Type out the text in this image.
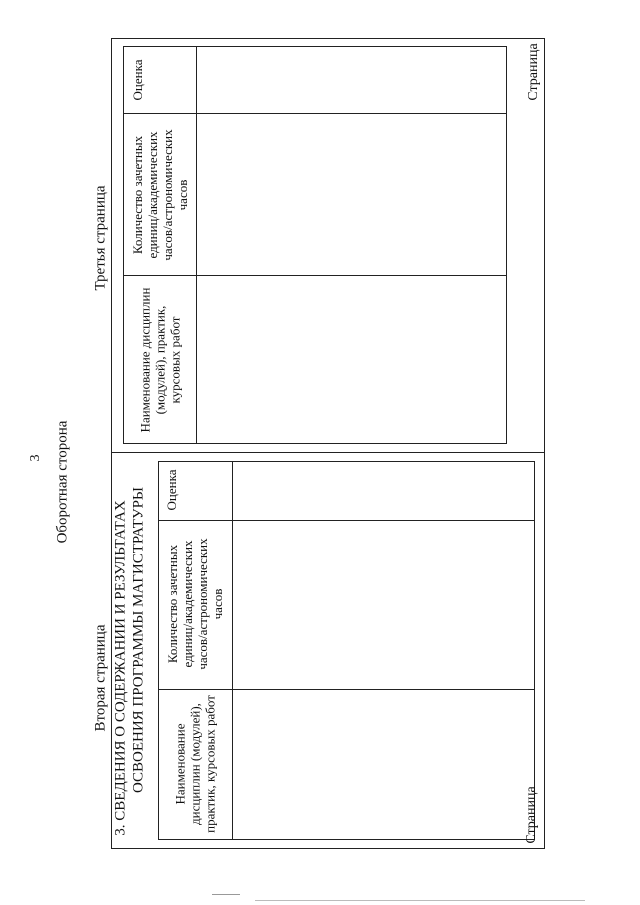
3 Оборотная сторона
Вторая страница
Третья страница
3. СВЕДЕНИЯ О СОДЕРЖАНИИ И РЕЗУЛЬТАТАХ ОСВОЕНИЯ ПРОГРАММЫ МАГИСТРАТУРЫ Наименование дисциплин (модулей), практик, курсовых работ
Количество зачетных единиц/академических часов/астрономических часов
Оценка
Страница
Наименование дисциплин (модулей), практик, курсовых работ
Количество зачетных единиц/академических часов/астрономических часов
Оценка	Страница
